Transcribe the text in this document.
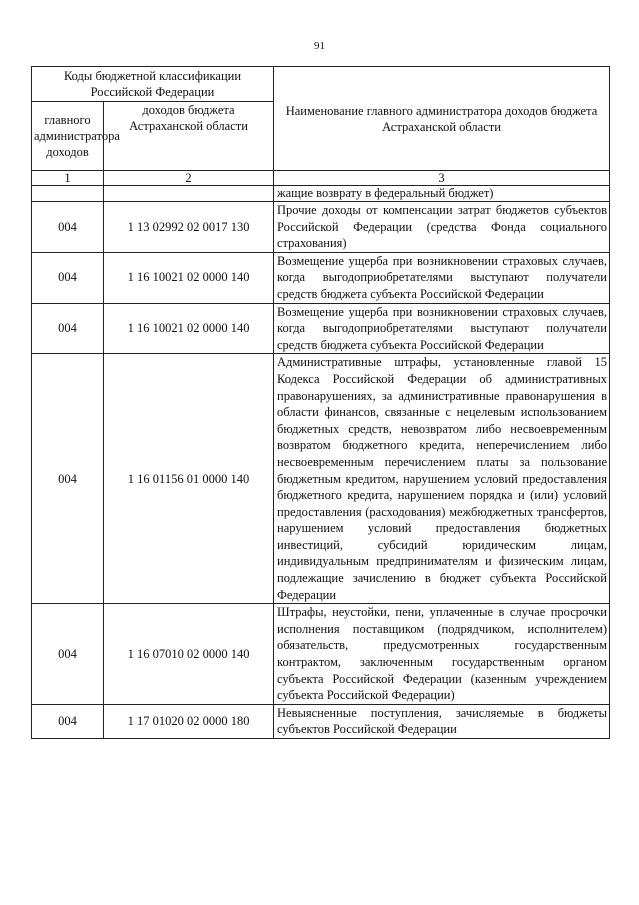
91
Коды бюджетной классификации Российской Федерации		Наименование главного администратора доходов бюджета Астраханской области
главного администратора доходов	доходов бюджета Астраханской области	
1	2	3
		жащие возврату в федеральный бюджет)
004	1 13 02992 02 0017 130	Прочие доходы от компенсации затрат бюджетов субъектов Российской Федерации (средства Фонда социального страхования)
004	1 16 10021 02 0000 140	Возмещение ущерба при возникновении страховых случаев, когда выгодоприобретателями выступают получатели средств бюджета субъекта Российской Федерации
004	1 16 10021 02 0000 140	Возмещение ущерба при возникновении страховых случаев, когда выгодоприобретателями выступают получатели средств бюджета субъекта Российской Федерации
004	1 16 01156 01 0000 140	Административные штрафы, установленные главой 15 Кодекса Российской Федерации об административных правонарушениях, за административные правонарушения в области финансов, связанные с нецелевым использованием бюджетных средств, невозвратом либо несвоевременным возвратом бюджетного кредита, неперечислением либо несвоевременным перечислением платы за пользование бюджетным кредитом, нарушением условий предоставления бюджетного кредита, нарушением порядка и (или) условий предоставления (расходования) межбюджетных трансфертов, нарушением условий предоставления бюджетных инвестиций, субсидий юридическим лицам, индивидуальным предпринимателям и физическим лицам, подлежащие зачислению в бюджет субъекта Российской Федерации
004	1 16 07010 02 0000 140	Штрафы, неустойки, пени, уплаченные в случае просрочки исполнения поставщиком (подрядчиком, исполнителем) обязательств, предусмотренных государственным контрактом, заключенным государственным органом субъекта Российской Федерации (казенным учреждением субъекта Российской Федерации)
004	1 17 01020 02 0000 180	Невыясненные поступления, зачисляемые в бюджеты субъектов Российской Федерации
